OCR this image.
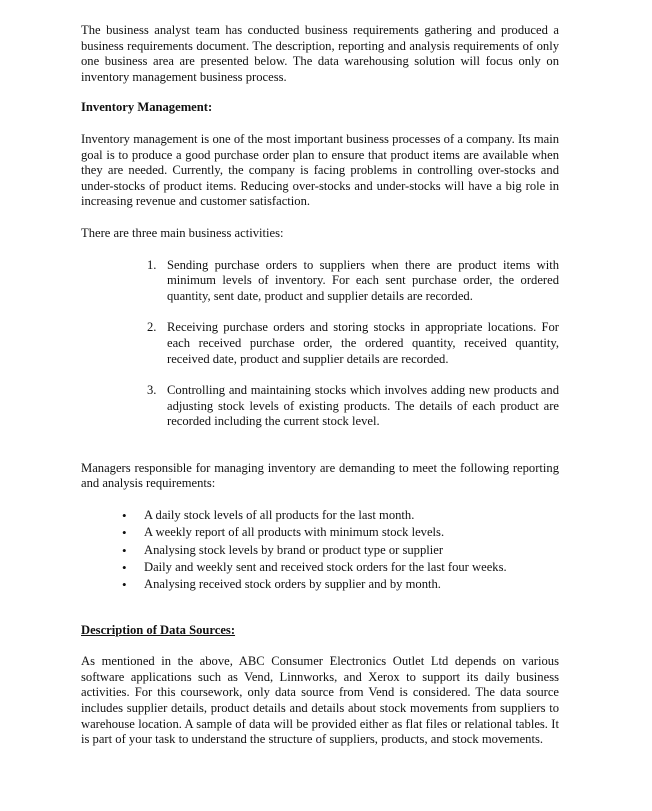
The business analyst team has conducted business requirements gathering and produced a business requirements document. The description, reporting and analysis requirements of only one business area are presented below. The data warehousing solution will focus only on inventory management business process.

Inventory Management:

Inventory management is one of the most important business processes of a company. Its main goal is to produce a good purchase order plan to ensure that product items are available when they are needed. Currently, the company is facing problems in controlling over-stocks and under-stocks of product items. Reducing over-stocks and under-stocks will have a big role in increasing revenue and customer satisfaction.

There are three main business activities:

1. Sending purchase orders to suppliers when there are product items with minimum levels of inventory. For each sent purchase order, the ordered quantity, sent date, product and supplier details are recorded.
2. Receiving purchase orders and storing stocks in appropriate locations. For each received purchase order, the ordered quantity, received quantity, received date, product and supplier details are recorded.
3. Controlling and maintaining stocks which involves adding new products and adjusting stock levels of existing products. The details of each product are recorded including the current stock level.

Managers responsible for managing inventory are demanding to meet the following reporting and analysis requirements:

• A daily stock levels of all products for the last month.
• A weekly report of all products with minimum stock levels.
• Analysing stock levels by brand or product type or supplier
• Daily and weekly sent and received stock orders for the last four weeks.
• Analysing received stock orders by supplier and by month.

Description of Data Sources:

As mentioned in the above, ABC Consumer Electronics Outlet Ltd depends on various software applications such as Vend, Linnworks, and Xerox to support its daily business activities. For this coursework, only data source from Vend is considered. The data source includes supplier details, product details and details about stock movements from suppliers to warehouse location. A sample of data will be provided either as flat files or relational tables. It is part of your task to understand the structure of suppliers, products, and stock movements.
